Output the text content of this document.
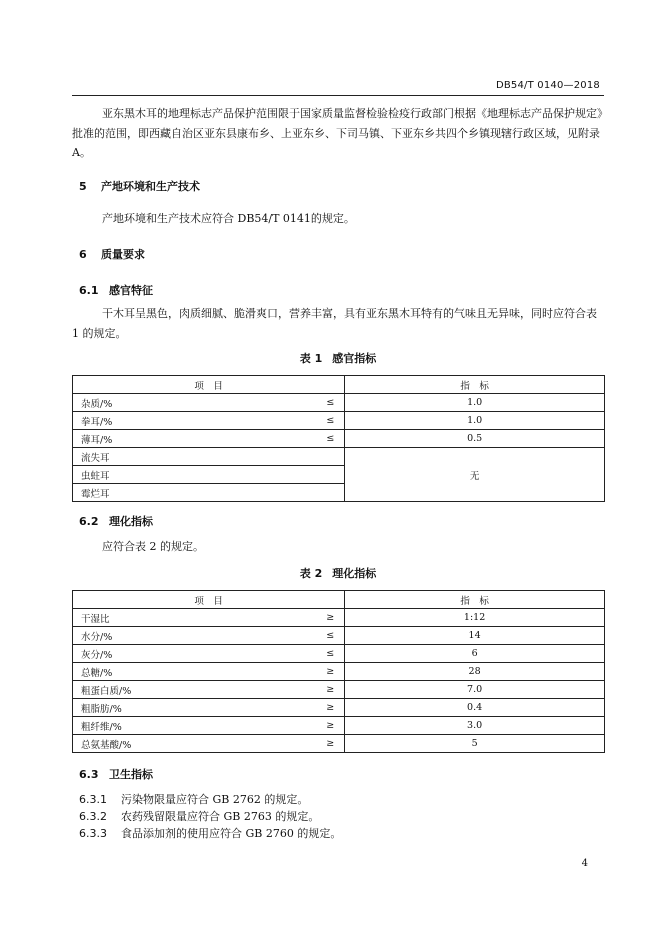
DB54/T 0140—2018
亚东黑木耳的地理标志产品保护范围限于国家质量监督检验检疫行政部门根据《地理标志产品保护规定》批准的范围，即西藏自治区亚东县康布乡、上亚东乡、下司马镇、下亚东乡共四个乡镇现辖行政区域，见附录 A。
5 产地环境和生产技术
产地环境和生产技术应符合 DB54/T 0141的规定。
6 质量要求
6.1 感官特征
干木耳呈黑色，肉质细腻、脆滑爽口，营养丰富，具有亚东黑木耳特有的气味且无异味，同时应符合表 1 的规定。
表 1 感官指标
项　目		指　标
杂质/%	≤	1.0
拳耳/%	≤	1.0
薄耳/%	≤	0.5
流失耳		无
虫蛀耳		
霉烂耳		
6.2 理化指标
应符合表 2 的规定。
表 2 理化指标
项　目		指　标
干湿比	≥	1:12
水分/%	≤	14
灰分/%	≤	6
总糖/%	≥	28
粗蛋白质/%	≥	7.0
粗脂肪/%	≥	0.4
粗纤维/%	≥	3.0
总氨基酸/%	≥	5
6.3 卫生指标
6.3.1 污染物限量应符合 GB 2762 的规定。
6.3.2 农药残留限量应符合 GB 2763 的规定。
6.3.3 食品添加剂的使用应符合 GB 2760 的规定。
4
